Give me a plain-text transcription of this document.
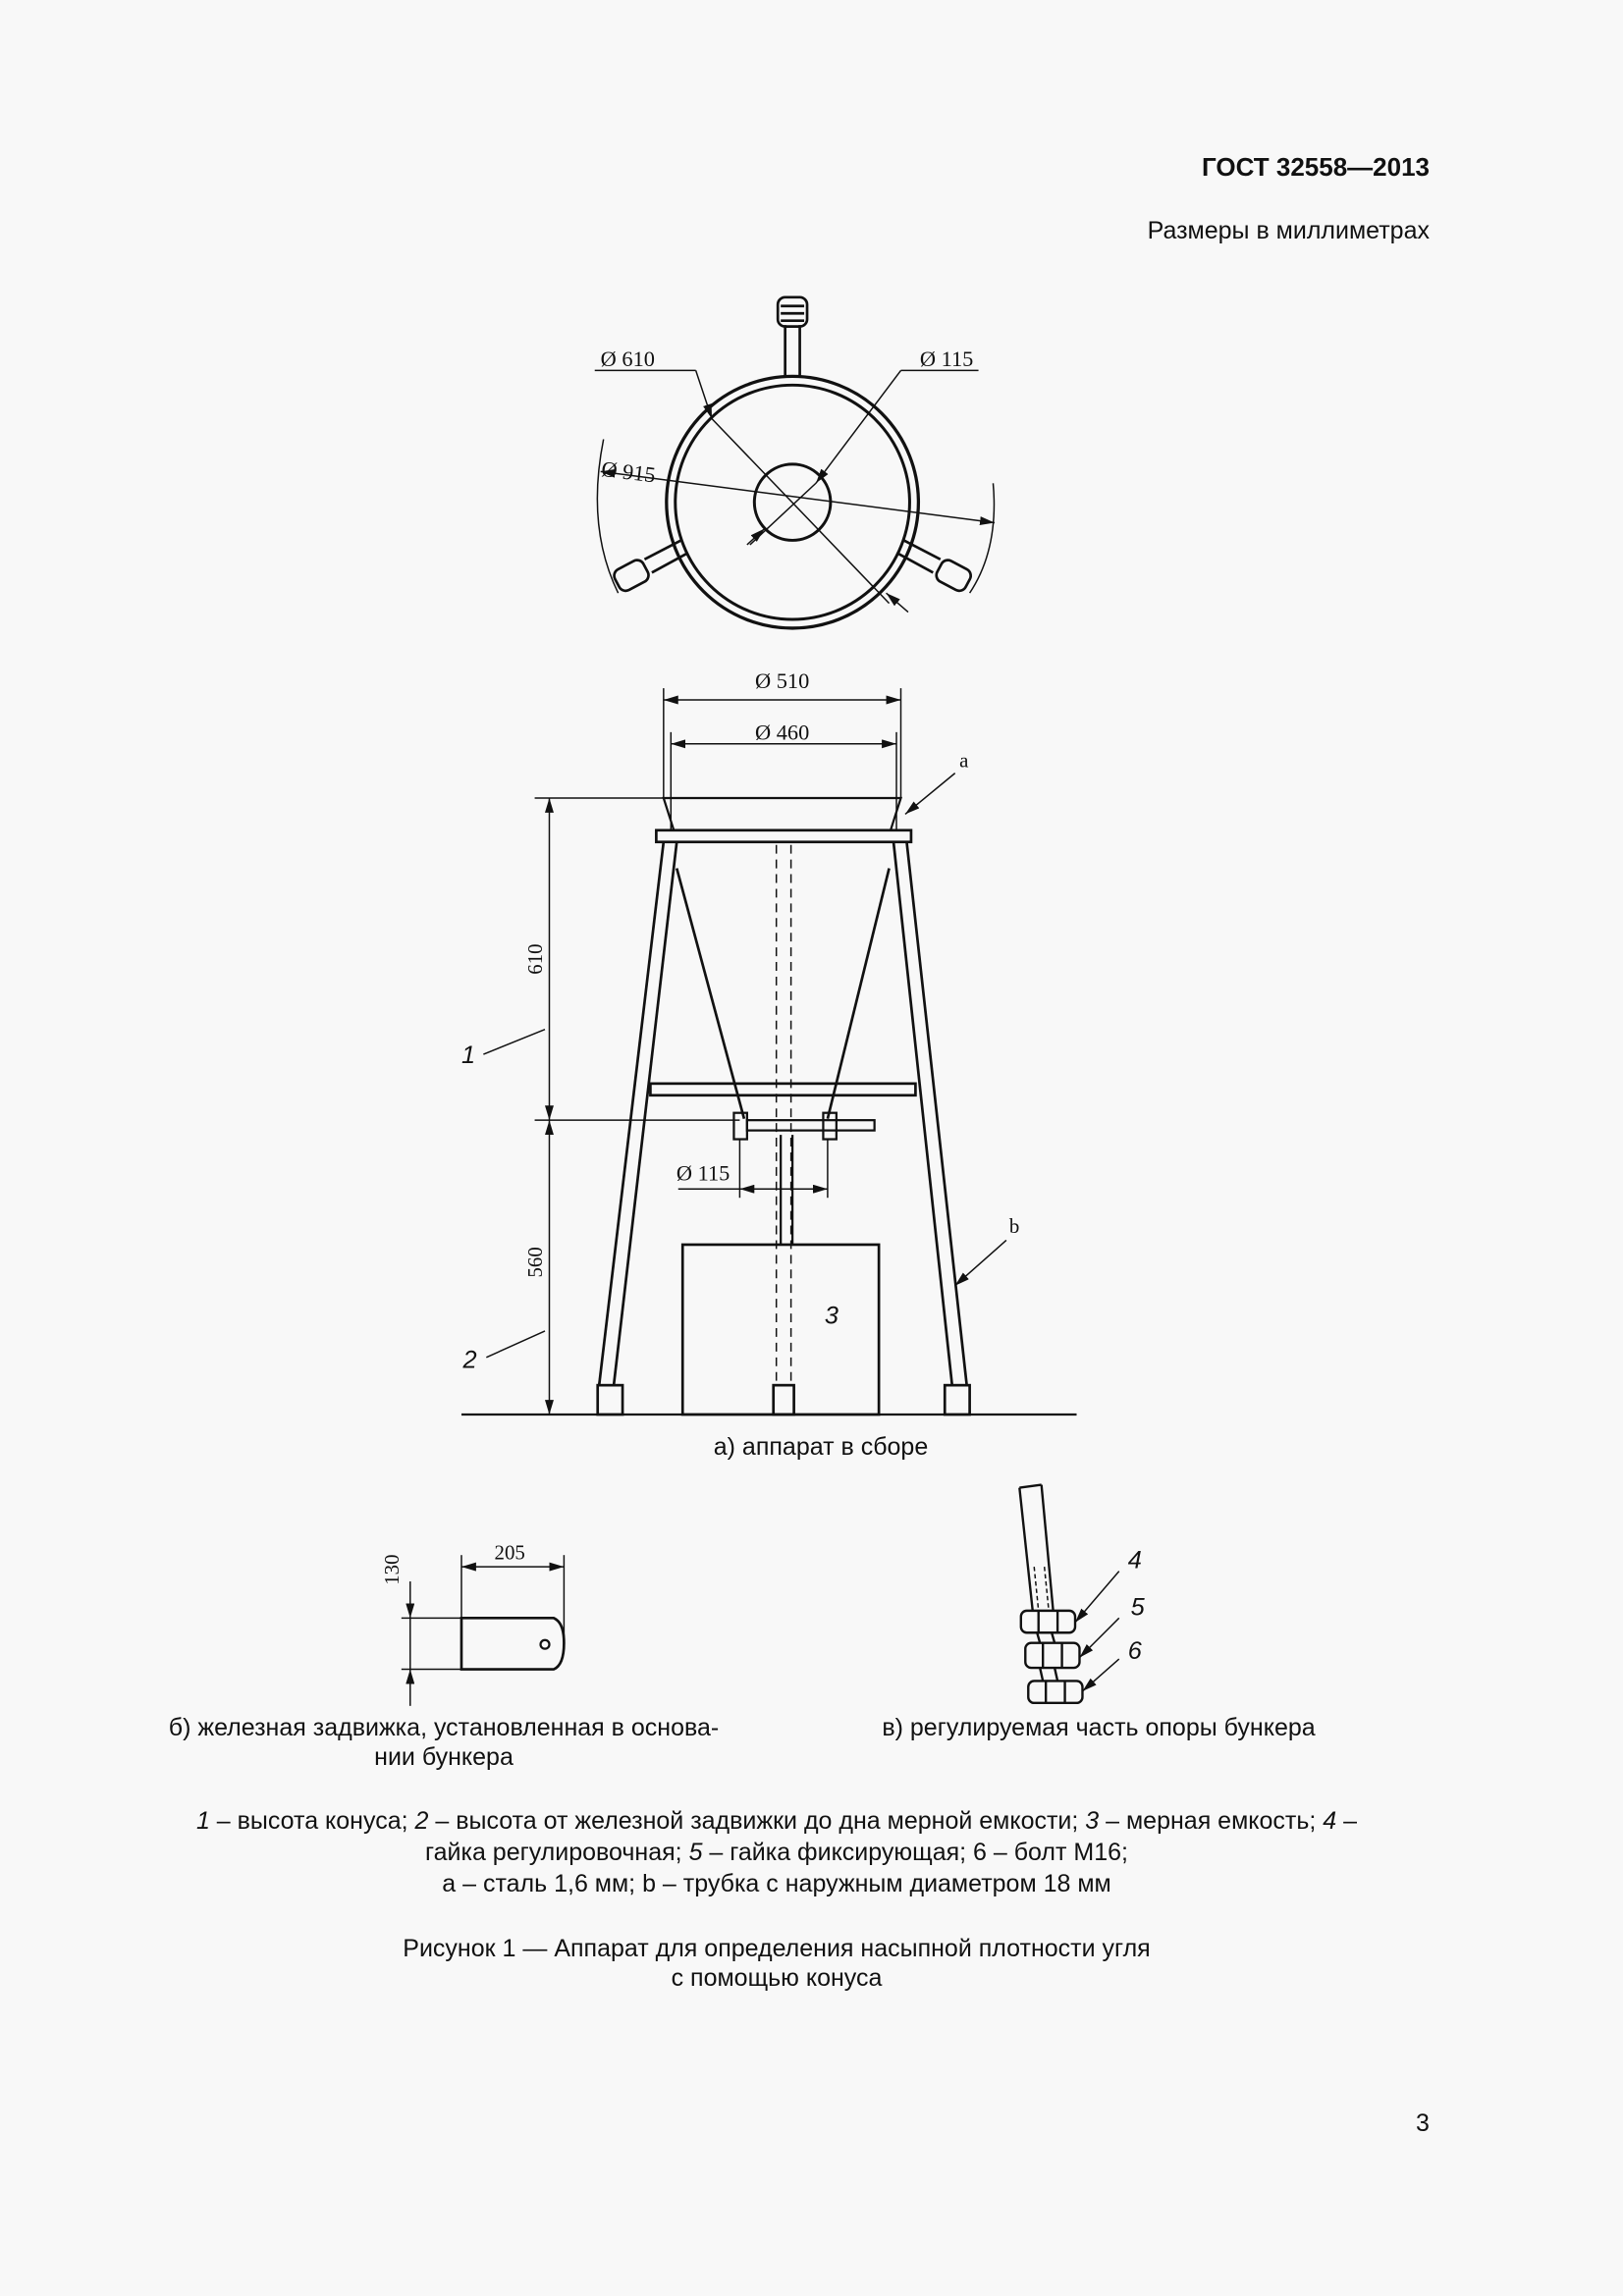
ГОСТ 32558—2013
Размеры в миллиметрах
Ø 610	Ø 115
Ø 915
Ø 510
Ø 460
Ø 115
610
560
1
2
3
a
b
205
130	4
5
6
а) аппарат в сборе
б) железная задвижка, установленная в основа-
нии бункера
в) регулируемая часть опоры бункера
1 – высота конуса; 2 – высота от железной задвижки до дна мерной емкости; 3 – мерная емкость; 4 –
гайка регулировочная; 5 – гайка фиксирующая; 6 – болт М16;
a – сталь 1,6 мм; b – трубка с наружным диаметром 18 мм
Рисунок 1 — Аппарат для определения насыпной плотности угля
с помощью конуса
3
